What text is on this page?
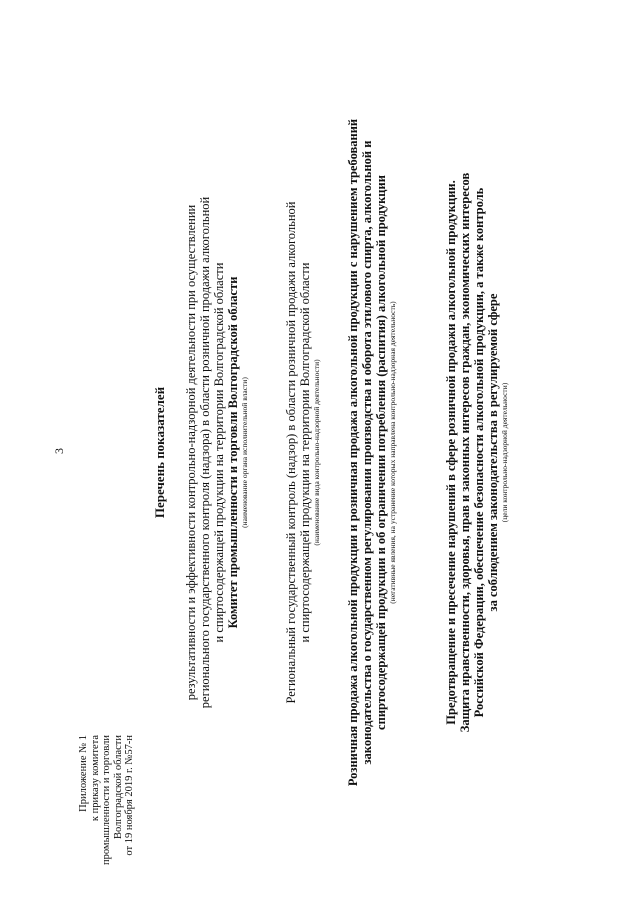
3
Приложение № 1 к приказу комитета промышленности и торговли Волгоградской области от 19 ноября 2019 г. №57-н
Перечень показателей результативности и эффективности контрольно-надзорной деятельности при осуществлении регионального государственного контроля (надзора) в области розничной продажи алкогольной и спиртосодержащей продукции на территории Волгоградской области Комитет промышленности и торговли Волгоградской области (наименование органа исполнительной власти)	Региональный государственный контроль (надзор) в области розничной продажи алкогольной и спиртосодержащей продукции на территории Волгоградской области (наименование вида контрольно-надзорной деятельности) Розничная продажа алкогольной продукции и розничная продажа алкогольной продукции с нарушением требований законодательства о государственном регулировании производства и оборота этилового спирта, алкогольной и спиртосодержащей продукции и об ограничении потребления (распития) алкогольной продукции (негативные явления, на устранение которых направлена контрольно-надзорная деятельность)	Предотвращение и пресечение нарушений в сфере розничной продажи алкогольной продукции. Защита нравственности, здоровья, прав и законных интересов граждан, экономических интересов Российской Федерации, обеспечение безопасности алкогольной продукции, а также контроль за соблюдением законодательства в регулируемой сфере (цели контрольно-надзорной деятельности)
